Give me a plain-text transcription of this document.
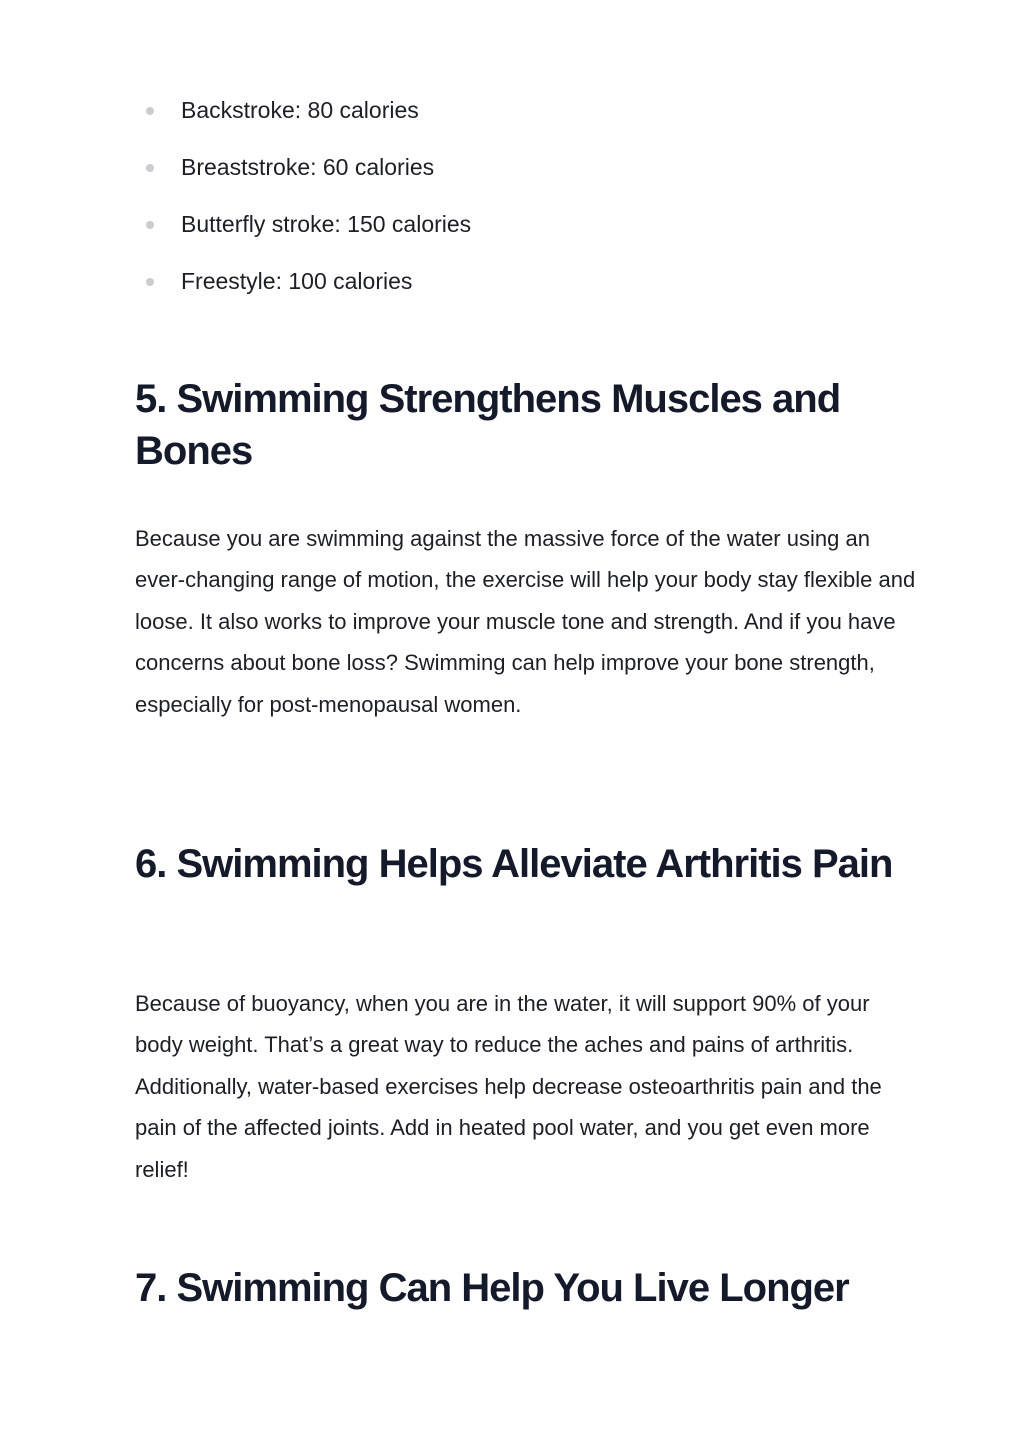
Backstroke: 80 calories
Breaststroke: 60 calories
Butterfly stroke: 150 calories
Freestyle: 100 calories
5. Swimming Strengthens Muscles and Bones

Because you are swimming against the massive force of the water using an ever-changing range of motion, the exercise will help your body stay flexible and loose. It also works to improve your muscle tone and strength. And if you have concerns about bone loss? Swimming can help improve your bone strength, especially for post-menopausal women.

6. Swimming Helps Alleviate Arthritis Pain

Because of buoyancy, when you are in the water, it will support 90% of your body weight. That’s a great way to reduce the aches and pains of arthritis. Additionally, water-based exercises help decrease osteoarthritis pain and the pain of the affected joints. Add in heated pool water, and you get even more relief!

7. Swimming Can Help You Live Longer
